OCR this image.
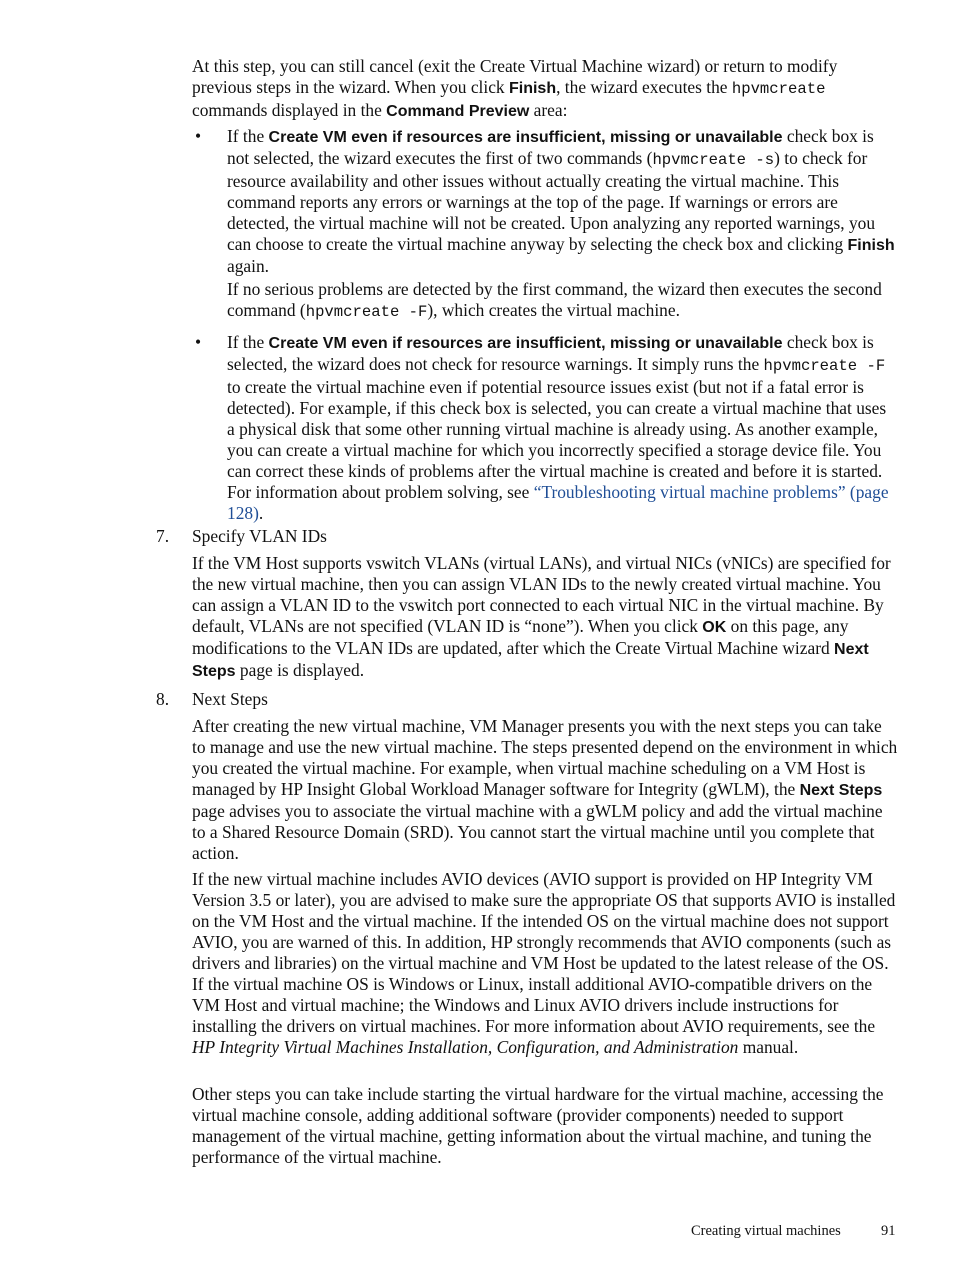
At this step, you can still cancel (exit the Create Virtual Machine wizard) or return to modify previous steps in the wizard. When you click Finish, the wizard executes the hpvmcreate commands displayed in the Command Preview area:

• If the Create VM even if resources are insufficient, missing or unavailable check box is not selected, the wizard executes the first of two commands (hpvmcreate -s) to check for resource availability and other issues without actually creating the virtual machine. This command reports any errors or warnings at the top of the page. If warnings or errors are detected, the virtual machine will not be created. Upon analyzing any reported warnings, you can choose to create the virtual machine anyway by selecting the check box and clicking Finish again.

If no serious problems are detected by the first command, the wizard then executes the second command (hpvmcreate -F), which creates the virtual machine.

• If the Create VM even if resources are insufficient, missing or unavailable check box is selected, the wizard does not check for resource warnings. It simply runs the hpvmcreate -F to create the virtual machine even if potential resource issues exist (but not if a fatal error is detected). For example, if this check box is selected, you can create a virtual machine that uses a physical disk that some other running virtual machine is already using. As another example, you can create a virtual machine for which you incorrectly specified a storage device file. You can correct these kinds of problems after the virtual machine is created and before it is started. For information about problem solving, see “Troubleshooting virtual machine problems” (page 128).

7. Specify VLAN IDs

If the VM Host supports vswitch VLANs (virtual LANs), and virtual NICs (vNICs) are specified for the new virtual machine, then you can assign VLAN IDs to the newly created virtual machine. You can assign a VLAN ID to the vswitch port connected to each virtual NIC in the virtual machine. By default, VLANs are not specified (VLAN ID is “none”). When you click OK on this page, any modifications to the VLAN IDs are updated, after which the Create Virtual Machine wizard Next Steps page is displayed.

8. Next Steps

After creating the new virtual machine, VM Manager presents you with the next steps you can take to manage and use the new virtual machine. The steps presented depend on the environment in which you created the virtual machine. For example, when virtual machine scheduling on a VM Host is managed by HP Insight Global Workload Manager software for Integrity (gWLM), the Next Steps page advises you to associate the virtual machine with a gWLM policy and add the virtual machine to a Shared Resource Domain (SRD). You cannot start the virtual machine until you complete that action.

If the new virtual machine includes AVIO devices (AVIO support is provided on HP Integrity VM Version 3.5 or later), you are advised to make sure the appropriate OS that supports AVIO is installed on the VM Host and the virtual machine. If the intended OS on the virtual machine does not support AVIO, you are warned of this. In addition, HP strongly recommends that AVIO components (such as drivers and libraries) on the virtual machine and VM Host be updated to the latest release of the OS. If the virtual machine OS is Windows or Linux, install additional AVIO-compatible drivers on the VM Host and virtual machine; the Windows and Linux AVIO drivers include instructions for installing the drivers on virtual machines. For more information about AVIO requirements, see the HP Integrity Virtual Machines Installation, Configuration, and Administration manual.

Other steps you can take include starting the virtual hardware for the virtual machine, accessing the virtual machine console, adding additional software (provider components) needed to support management of the virtual machine, getting information about the virtual machine, and tuning the performance of the virtual machine.

Creating virtual machines	91
